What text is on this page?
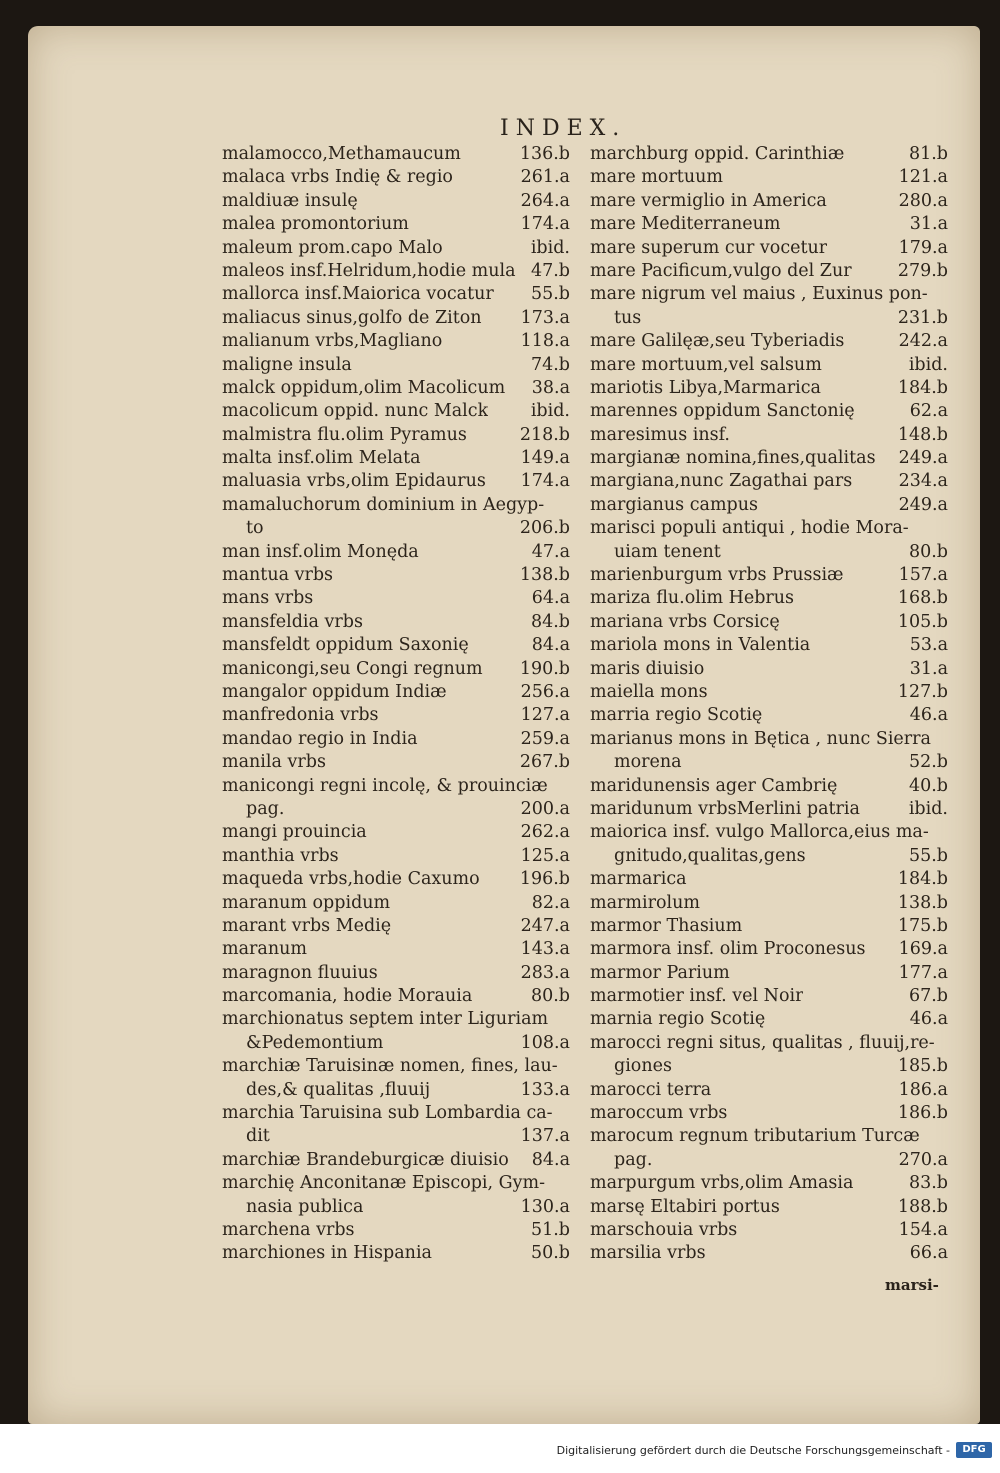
INDEX.
malamocco,Methamaucum	136.b
malaca vrbs Indię & regio	261.a
maldiuæ insulę	264.a
malea promontorium	174.a
maleum prom.capo Malo	ibid.
maleos insf.Helridum,hodie mula 47.b
mallorca insf.Maiorica vocatur 55.b
maliacus sinus,golfo de Ziton 173.a
malianum vrbs,Magliano	118.a
maligne insula	74.b
malck oppidum,olim Macolicum 38.a
macolicum oppid. nunc Malck ibid.
malmistra flu.olim Pyramus	218.b
malta insf.olim Melata	149.a
maluasia vrbs,olim Epidaurus 174.a
mamaluchorum dominium in Aegyp-
to	206.b
man insf.olim Monęda	47.a
mantua vrbs	138.b
mans vrbs	64.a
mansfeldia vrbs	84.b
mansfeldt oppidum Saxonię	84.a
manicongi,seu Congi regnum 190.b
mangalor oppidum Indiæ	256.a
manfredonia vrbs	127.a
mandao regio in India	259.a
manila vrbs	267.b
manicongi regni incolę, & prouinciæ
pag.	200.a
mangi prouincia	262.a
manthia vrbs	125.a
maqueda vrbs,hodie Caxumo 196.b
maranum oppidum	82.a
marant vrbs Medię	247.a
maranum	143.a
maragnon fluuius	283.a
marcomania, hodie Morauia	80.b
marchionatus septem inter Liguriam
&Pedemontium	108.a
marchiæ Taruisinæ nomen, fines, lau-
des,& qualitas ,fluuij	133.a
marchia Taruisina sub Lombardia ca-
dit	137.a
marchiæ Brandeburgicæ diuisio 84.a
marchię Anconitanæ Episcopi, Gym-
nasia publica	130.a
marchena vrbs	51.b
marchiones in Hispania	50.b
marchburg oppid. Carinthiæ	81.b
mare mortuum	121.a
mare vermiglio in America	280.a
mare Mediterraneum	31.a
mare superum cur vocetur	179.a
mare Pacificum,vulgo del Zur	279.b
mare nigrum vel maius , Euxinus pon-
tus	231.b
mare Galilęæ,seu Tyberiadis	242.a
mare mortuum,vel salsum	ibid.
mariotis Libya,Marmarica	184.b
marennes oppidum Sanctonię	62.a
maresimus insf.	148.b
margianæ nomina,fines,qualitas 249.a
margiana,nunc Zagathai pars	234.a
margianus campus	249.a
marisci populi antiqui , hodie Mora-
uiam tenent	80.b
marienburgum vrbs Prussiæ	157.a
mariza flu.olim Hebrus	168.b
mariana vrbs Corsicę	105.b
mariola mons in Valentia	53.a
maris diuisio	31.a
maiella mons	127.b
marria regio Scotię	46.a
marianus mons in Bętica , nunc Sierra
morena	52.b
maridunensis ager Cambrię	40.b
maridunum vrbsMerlini patria	ibid.
maiorica insf. vulgo Mallorca,eius ma-
gnitudo,qualitas,gens	55.b
marmarica	184.b
marmirolum	138.b
marmor Thasium	175.b
marmora insf. olim Proconesus 169.a
marmor Parium	177.a
marmotier insf. vel Noir	67.b
marnia regio Scotię	46.a
marocci regni situs, qualitas , fluuij,re-
giones	185.b
marocci terra	186.a
maroccum vrbs	186.b
marocum regnum tributarium Turcæ
pag.	270.a
marpurgum vrbs,olim Amasia	83.b
marsę Eltabiri portus	188.b
marschouia vrbs	154.a
marsilia vrbs	66.a
marsi-
Digitalisierung gefördert durch die Deutsche Forschungsgemeinschaft -	DFG
